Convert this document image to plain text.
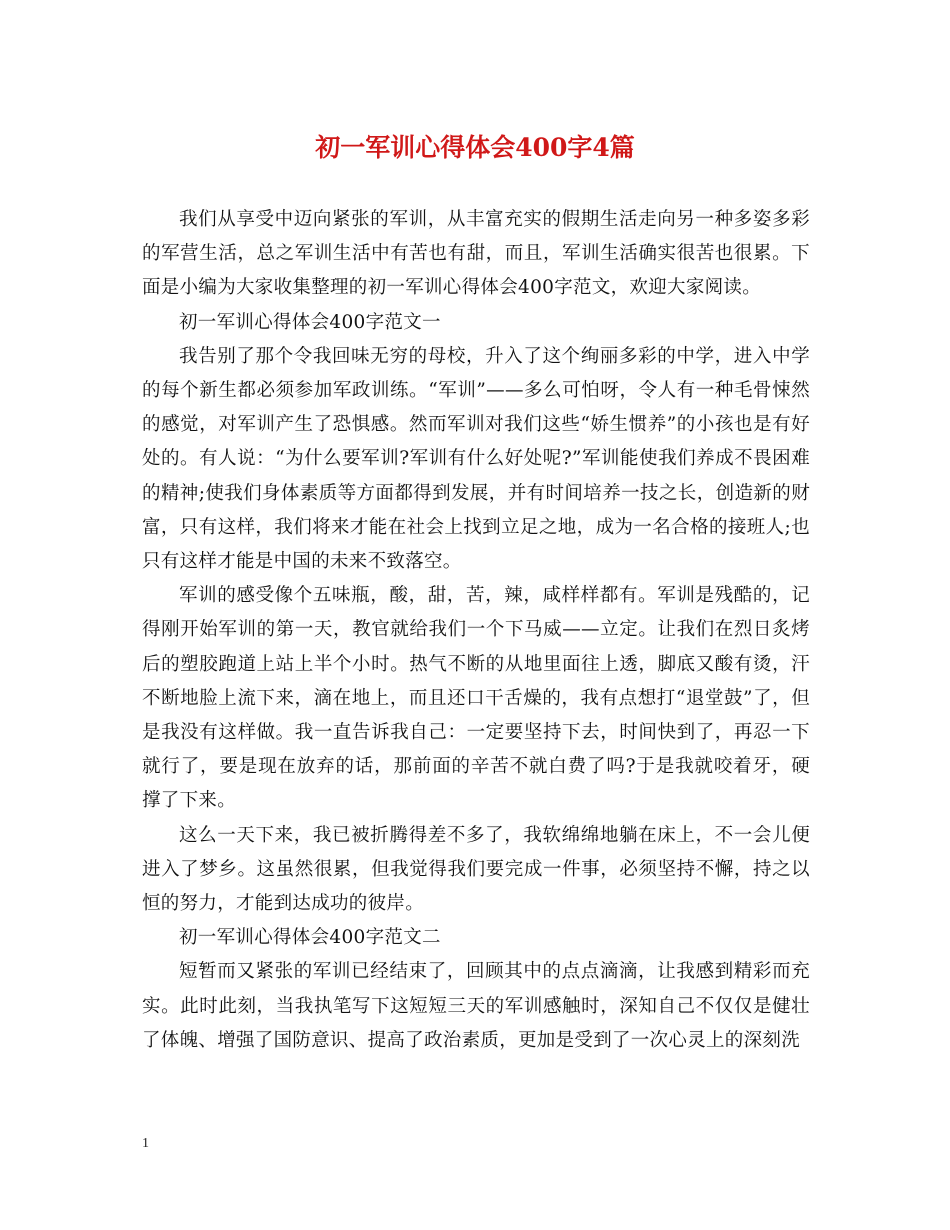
初一军训心得体会400字4篇

我们从享受中迈向紧张的军训，从丰富充实的假期生活走向另一种多姿多彩的军营生活，总之军训生活中有苦也有甜，而且，军训生活确实很苦也很累。下面是小编为大家收集整理的初一军训心得体会400字范文，欢迎大家阅读。

初一军训心得体会400字范文一

我告别了那个令我回味无穷的母校，升入了这个绚丽多彩的中学，进入中学的每个新生都必须参加军政训练。“军训”——多么可怕呀，令人有一种毛骨悚然的感觉，对军训产生了恐惧感。然而军训对我们这些“娇生惯养”的小孩也是有好处的。有人说：“为什么要军训?军训有什么好处呢?”军训能使我们养成不畏困难的精神;使我们身体素质等方面都得到发展，并有时间培养一技之长，创造新的财富，只有这样，我们将来才能在社会上找到立足之地，成为一名合格的接班人;也只有这样才能是中国的未来不致落空。

军训的感受像个五味瓶，酸，甜，苦，辣，咸样样都有。军训是残酷的，记得刚开始军训的第一天，教官就给我们一个下马威——立定。让我们在烈日炙烤后的塑胶跑道上站上半个小时。热气不断的从地里面往上透，脚底又酸有烫，汗不断地脸上流下来，滴在地上，而且还口干舌燥的，我有点想打“退堂鼓”了，但是我没有这样做。我一直告诉我自己：一定要坚持下去，时间快到了，再忍一下就行了，要是现在放弃的话，那前面的辛苦不就白费了吗?于是我就咬着牙，硬撑了下来。

这么一天下来，我已被折腾得差不多了，我软绵绵地躺在床上，不一会儿便进入了梦乡。这虽然很累，但我觉得我们要完成一件事，必须坚持不懈，持之以恒的努力，才能到达成功的彼岸。

初一军训心得体会400字范文二

短暂而又紧张的军训已经结束了，回顾其中的点点滴滴，让我感到精彩而充实。此时此刻，当我执笔写下这短短三天的军训感触时，深知自己不仅仅是健壮了体魄、增强了国防意识、提高了政治素质，更加是受到了一次心灵上的深刻洗

1
